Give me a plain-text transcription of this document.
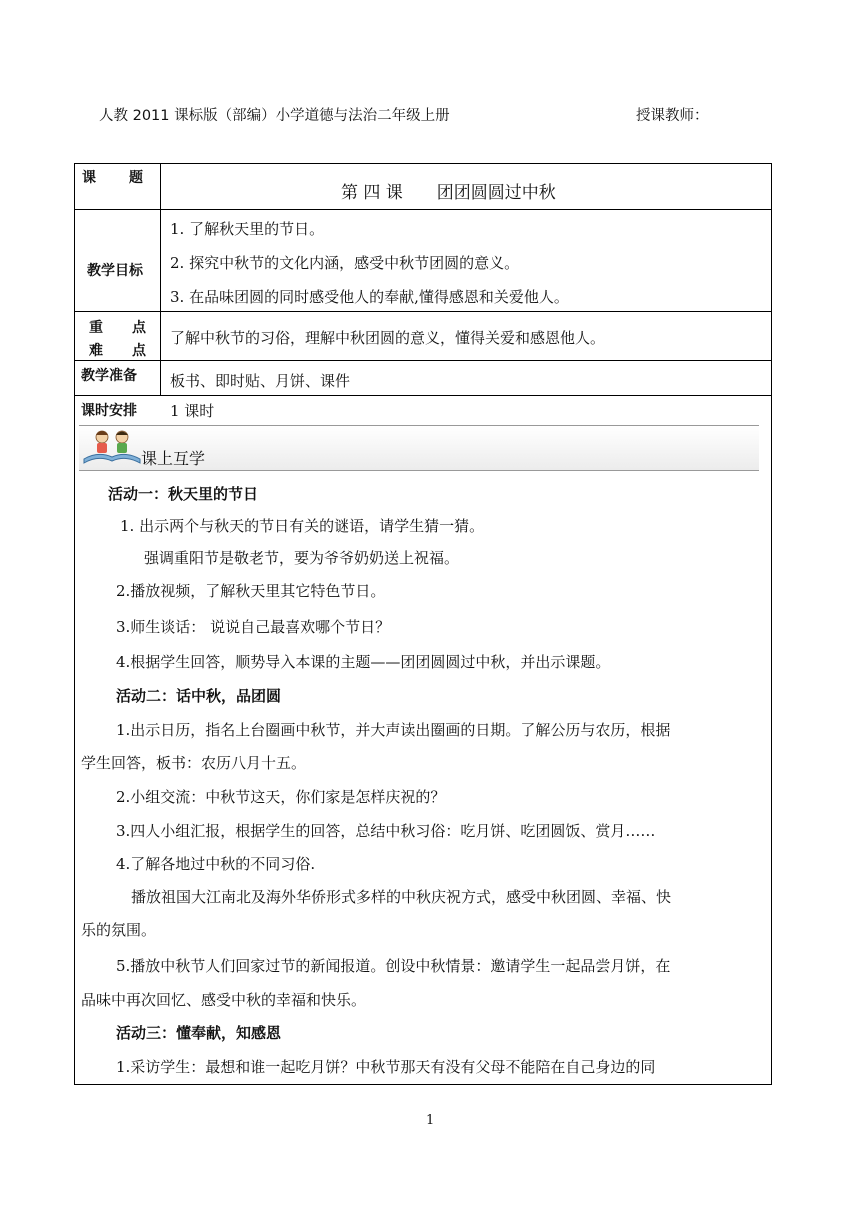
人教 2011 课标版（部编）小学道德与法治二年级上册	授课教师：
课 题
第 四 课　　团团圆圆过中秋
教学目标
1. 了解秋天里的节日。
2. 探究中秋节的文化内涵，感受中秋节团圆的意义。
3. 在品味团圆的同时感受他人的奉献,懂得感恩和关爱他人。
重 点
难 点
了解中秋节的习俗，理解中秋团圆的意义，懂得关爱和感恩他人。
教学准备 板书、即时贴、月饼、课件
课时安排 1 课时
课上互学
活动一：秋天里的节日
1. 出示两个与秋天的节日有关的谜语，请学生猜一猜。
强调重阳节是敬老节，要为爷爷奶奶送上祝福。
2.播放视频，了解秋天里其它特色节日。
3.师生谈话： 说说自己最喜欢哪个节日？
4.根据学生回答，顺势导入本课的主题——团团圆圆过中秋，并出示课题。
活动二：话中秋，品团圆
1.出示日历，指名上台圈画中秋节，并大声读出圈画的日期。了解公历与农历，根据
学生回答，板书：农历八月十五。
2.小组交流：中秋节这天，你们家是怎样庆祝的？
3.四人小组汇报，根据学生的回答，总结中秋习俗：吃月饼、吃团圆饭、赏月……
4.了解各地过中秋的不同习俗.
播放祖国大江南北及海外华侨形式多样的中秋庆祝方式，感受中秋团圆、幸福、快
乐的氛围。
5.播放中秋节人们回家过节的新闻报道。创设中秋情景：邀请学生一起品尝月饼，在
品味中再次回忆、感受中秋的幸福和快乐。
活动三：懂奉献，知感恩
1.采访学生：最想和谁一起吃月饼？中秋节那天有没有父母不能陪在自己身边的同
1
